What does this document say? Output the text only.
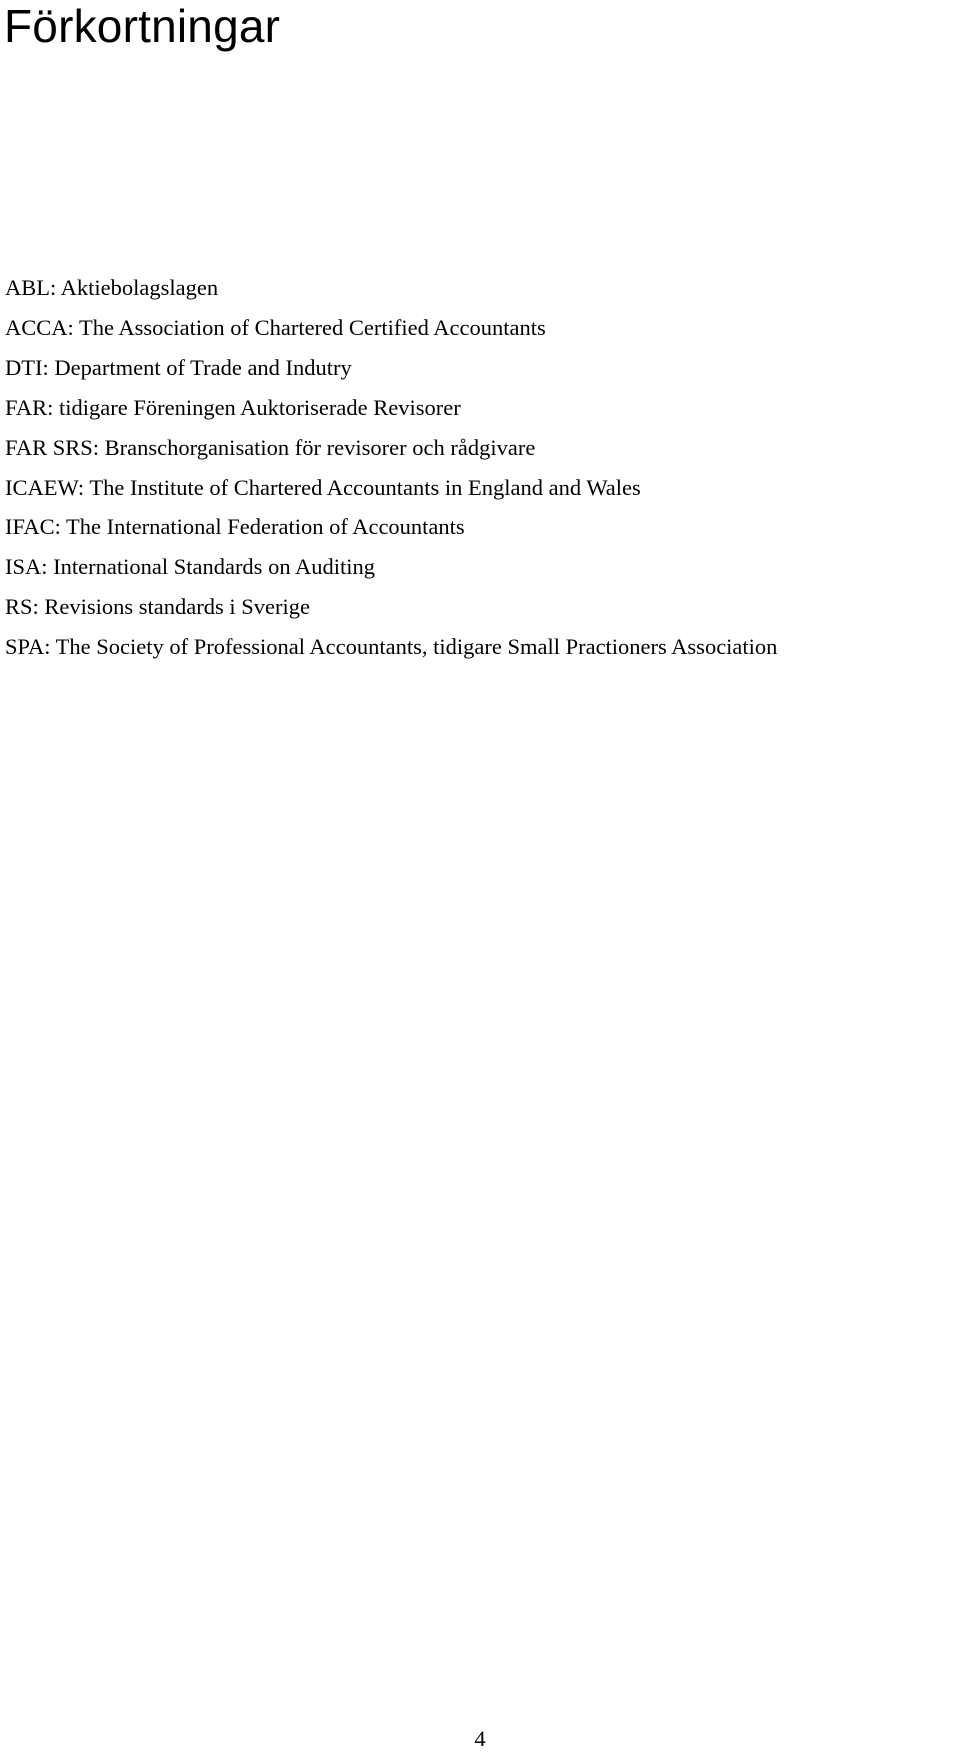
Förkortningar
ABL: Aktiebolagslagen
ACCA: The Association of Chartered Certified Accountants
DTI: Department of Trade and Indutry
FAR: tidigare Föreningen Auktoriserade Revisorer
FAR SRS: Branschorganisation för revisorer och rådgivare
ICAEW: The Institute of Chartered Accountants in England and Wales
IFAC: The International Federation of Accountants
ISA: International Standards on Auditing
RS: Revisions standards i Sverige
SPA: The Society of Professional Accountants, tidigare Small Practioners Association
4
